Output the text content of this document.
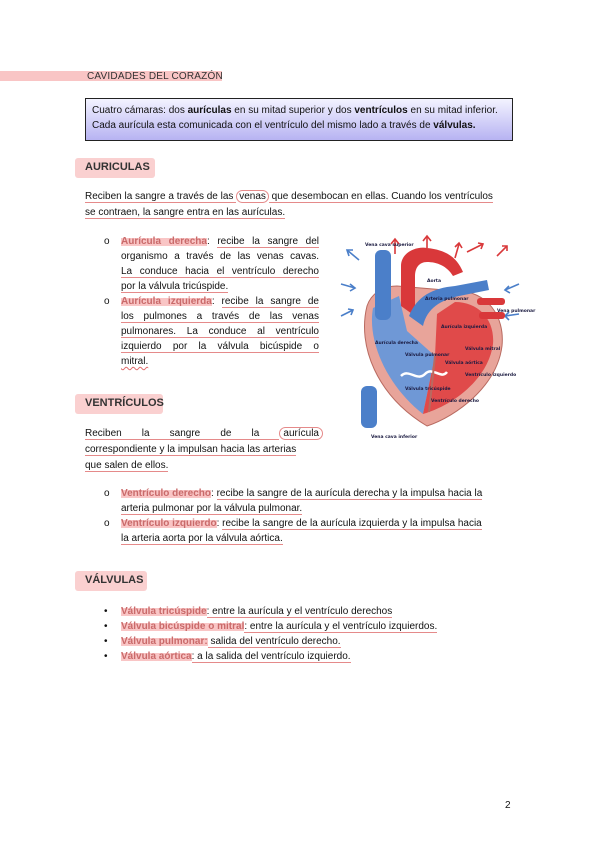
CAVIDADES DEL CORAZÓN
Cuatro cámaras: dos aurículas en su mitad superior y dos ventrículos en su mitad inferior.
Cada aurícula esta comunicada con el ventrículo del mismo lado a través de válvulas.
AURICULAS
Reciben la sangre a través de las venas que desembocan en ellas. Cuando los ventrículos
se contraen, la sangre entra en las aurículas.
o Aurícula derecha: recibe la sangre del
organismo a través de las venas cavas.
La conduce hacia el ventrículo derecho
por la válvula tricúspide.
o Aurícula izquierda: recibe la sangre de
los pulmones a través de las venas
pulmonares. La conduce al ventrículo
izquierdo por la válvula bicúspide o
mitral.
Vena cava superior
Aorta
Arteria pulmonar
Vena pulmonar
Aurícula izquierda
Aurícula derecha
Válvula pulmonar
Válvula mitral
Válvula aórtica
Válvula tricúspide
Ventrículo izquierdo
Ventrículo derecho
Vena cava inferior
VENTRÍCULOS
Reciben la sangre de la aurícula
correspondiente y la impulsan hacia las arterias
que salen de ellos.
o Ventrículo derecho: recibe la sangre de la aurícula derecha y la impulsa hacia la
arteria pulmonar por la válvula pulmonar.
o Ventrículo izquierdo: recibe la sangre de la aurícula izquierda y la impulsa hacia
la arteria aorta por la válvula aórtica.
VÁLVULAS
• Válvula tricúspide: entre la aurícula y el ventrículo derechos
• Válvula bicúspide o mitral: entre la aurícula y el ventrículo izquierdos.
• Válvula pulmonar: salida del ventrículo derecho.
• Válvula aórtica: a la salida del ventrículo izquierdo.
2
